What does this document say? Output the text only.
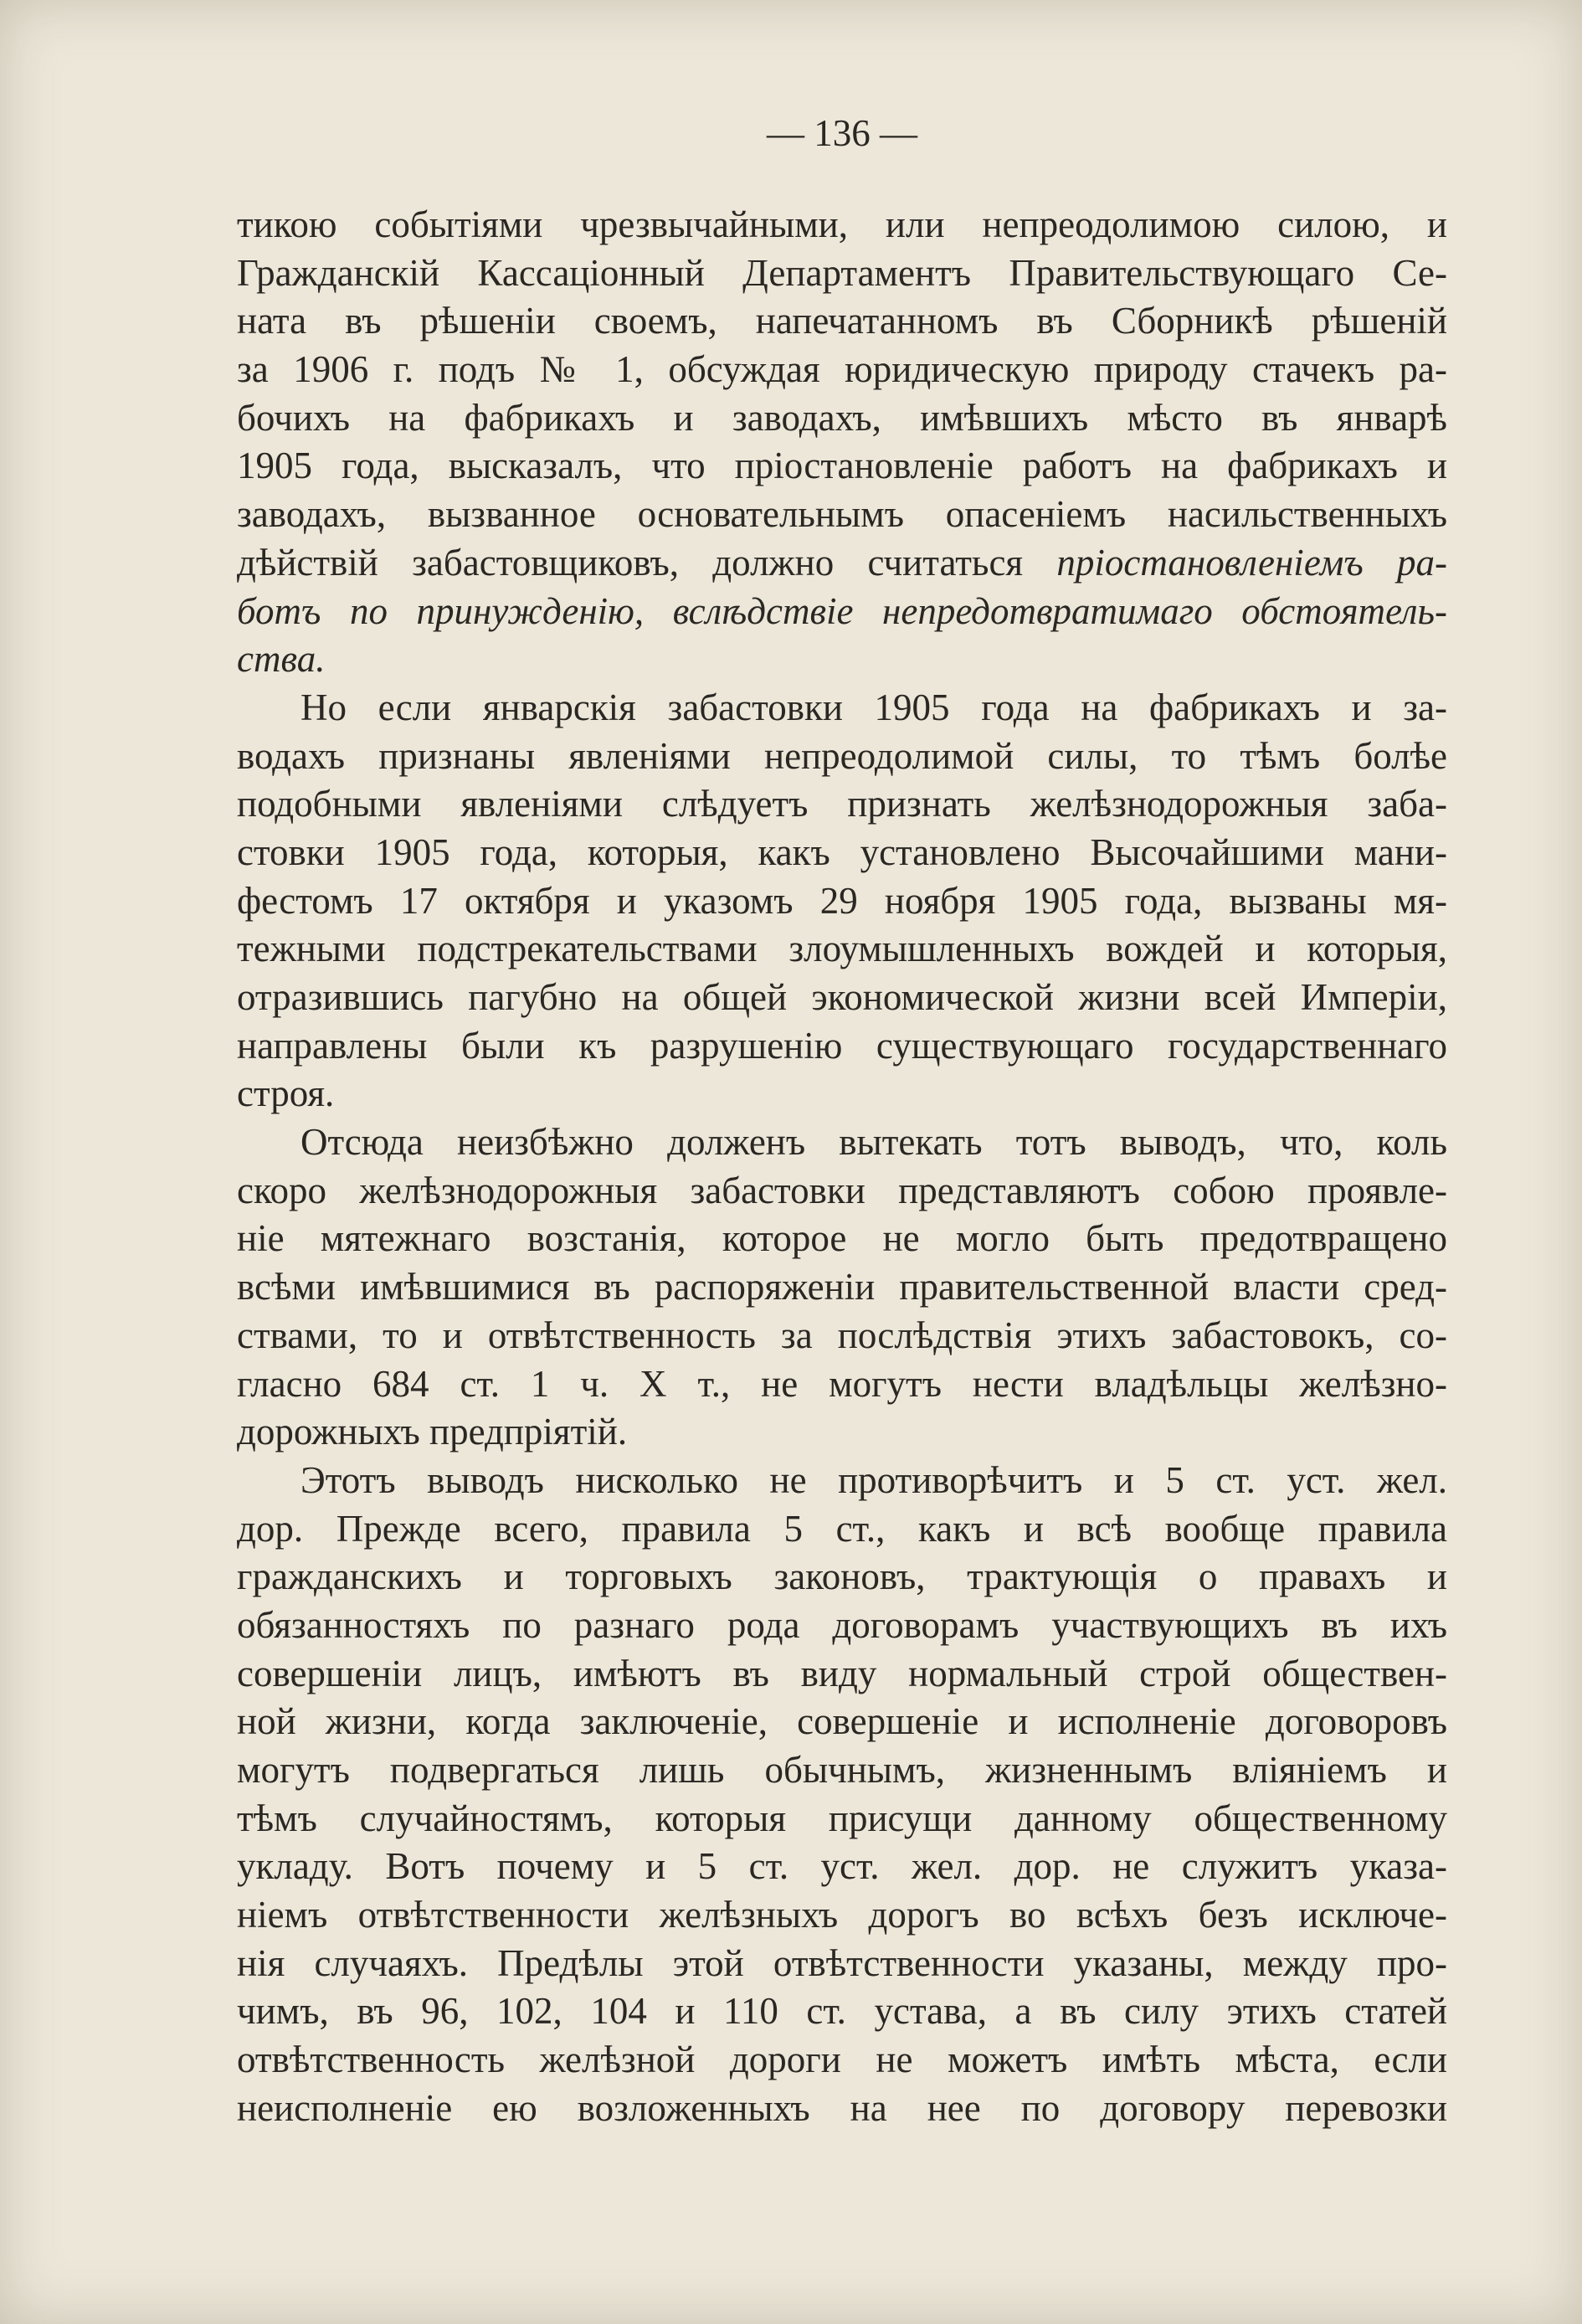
— 136 —
тикою событіями чрезвычайными, или непреодолимою силою, и
Гражданскій Кассаціонный Департаментъ Правительствующаго Се-
ната въ рѣшеніи своемъ, напечатанномъ въ Сборникѣ рѣшеній
за 1906 г. подъ № 1, обсуждая юридическую природу стачекъ ра-
бочихъ на фабрикахъ и заводахъ, имѣвшихъ мѣсто въ январѣ
1905 года, высказалъ, что пріостановленіе работъ на фабрикахъ и
заводахъ, вызванное основательнымъ опасеніемъ насильственныхъ
дѣйствій забастовщиковъ, должно считаться пріостановленіемъ ра-
ботъ по принужденію, вслѣдствіе непредотвратимаго обстоятель-
ства.
Но если январскія забастовки 1905 года на фабрикахъ и за-
водахъ признаны явленіями непреодолимой силы, то тѣмъ болѣе
подобными явленіями слѣдуетъ признать желѣзнодорожныя заба-
стовки 1905 года, которыя, какъ установлено Высочайшими мани-
фестомъ 17 октября и указомъ 29 ноября 1905 года, вызваны мя-
тежными подстрекательствами злоумышленныхъ вождей и которыя,
отразившись пагубно на общей экономической жизни всей Имперіи,
направлены были къ разрушенію существующаго государственнаго
строя.
Отсюда неизбѣжно долженъ вытекать тотъ выводъ, что, коль
скоро желѣзнодорожныя забастовки представляютъ собою проявле-
ніе мятежнаго возстанія, которое не могло быть предотвращено
всѣми имѣвшимися въ распоряженіи правительственной власти сред-
ствами, то и отвѣтственность за послѣдствія этихъ забастовокъ, со-
гласно 684 ст. 1 ч. X т., не могутъ нести владѣльцы желѣзно-
дорожныхъ предпріятій.
Этотъ выводъ нисколько не противорѣчитъ и 5 ст. уст. жел.
дор. Прежде всего, правила 5 ст., какъ и всѣ вообще правила
гражданскихъ и торговыхъ законовъ, трактующія о правахъ и
обязанностяхъ по разнаго рода договорамъ участвующихъ въ ихъ
совершеніи лицъ, имѣютъ въ виду нормальный строй обществен-
ной жизни, когда заключеніе, совершеніе и исполненіе договоровъ
могутъ подвергаться лишь обычнымъ, жизненнымъ вліяніемъ и
тѣмъ случайностямъ, которыя присущи данному общественному
укладу. Вотъ почему и 5 ст. уст. жел. дор. не служитъ указа-
ніемъ отвѣтственности желѣзныхъ дорогъ во всѣхъ безъ исключе-
нія случаяхъ. Предѣлы этой отвѣтственности указаны, между про-
чимъ, въ 96, 102, 104 и 110 ст. устава, а въ силу этихъ статей
отвѣтственность желѣзной дороги не можетъ имѣть мѣста, если
неисполненіе ею возложенныхъ на нее по договору перевозки
